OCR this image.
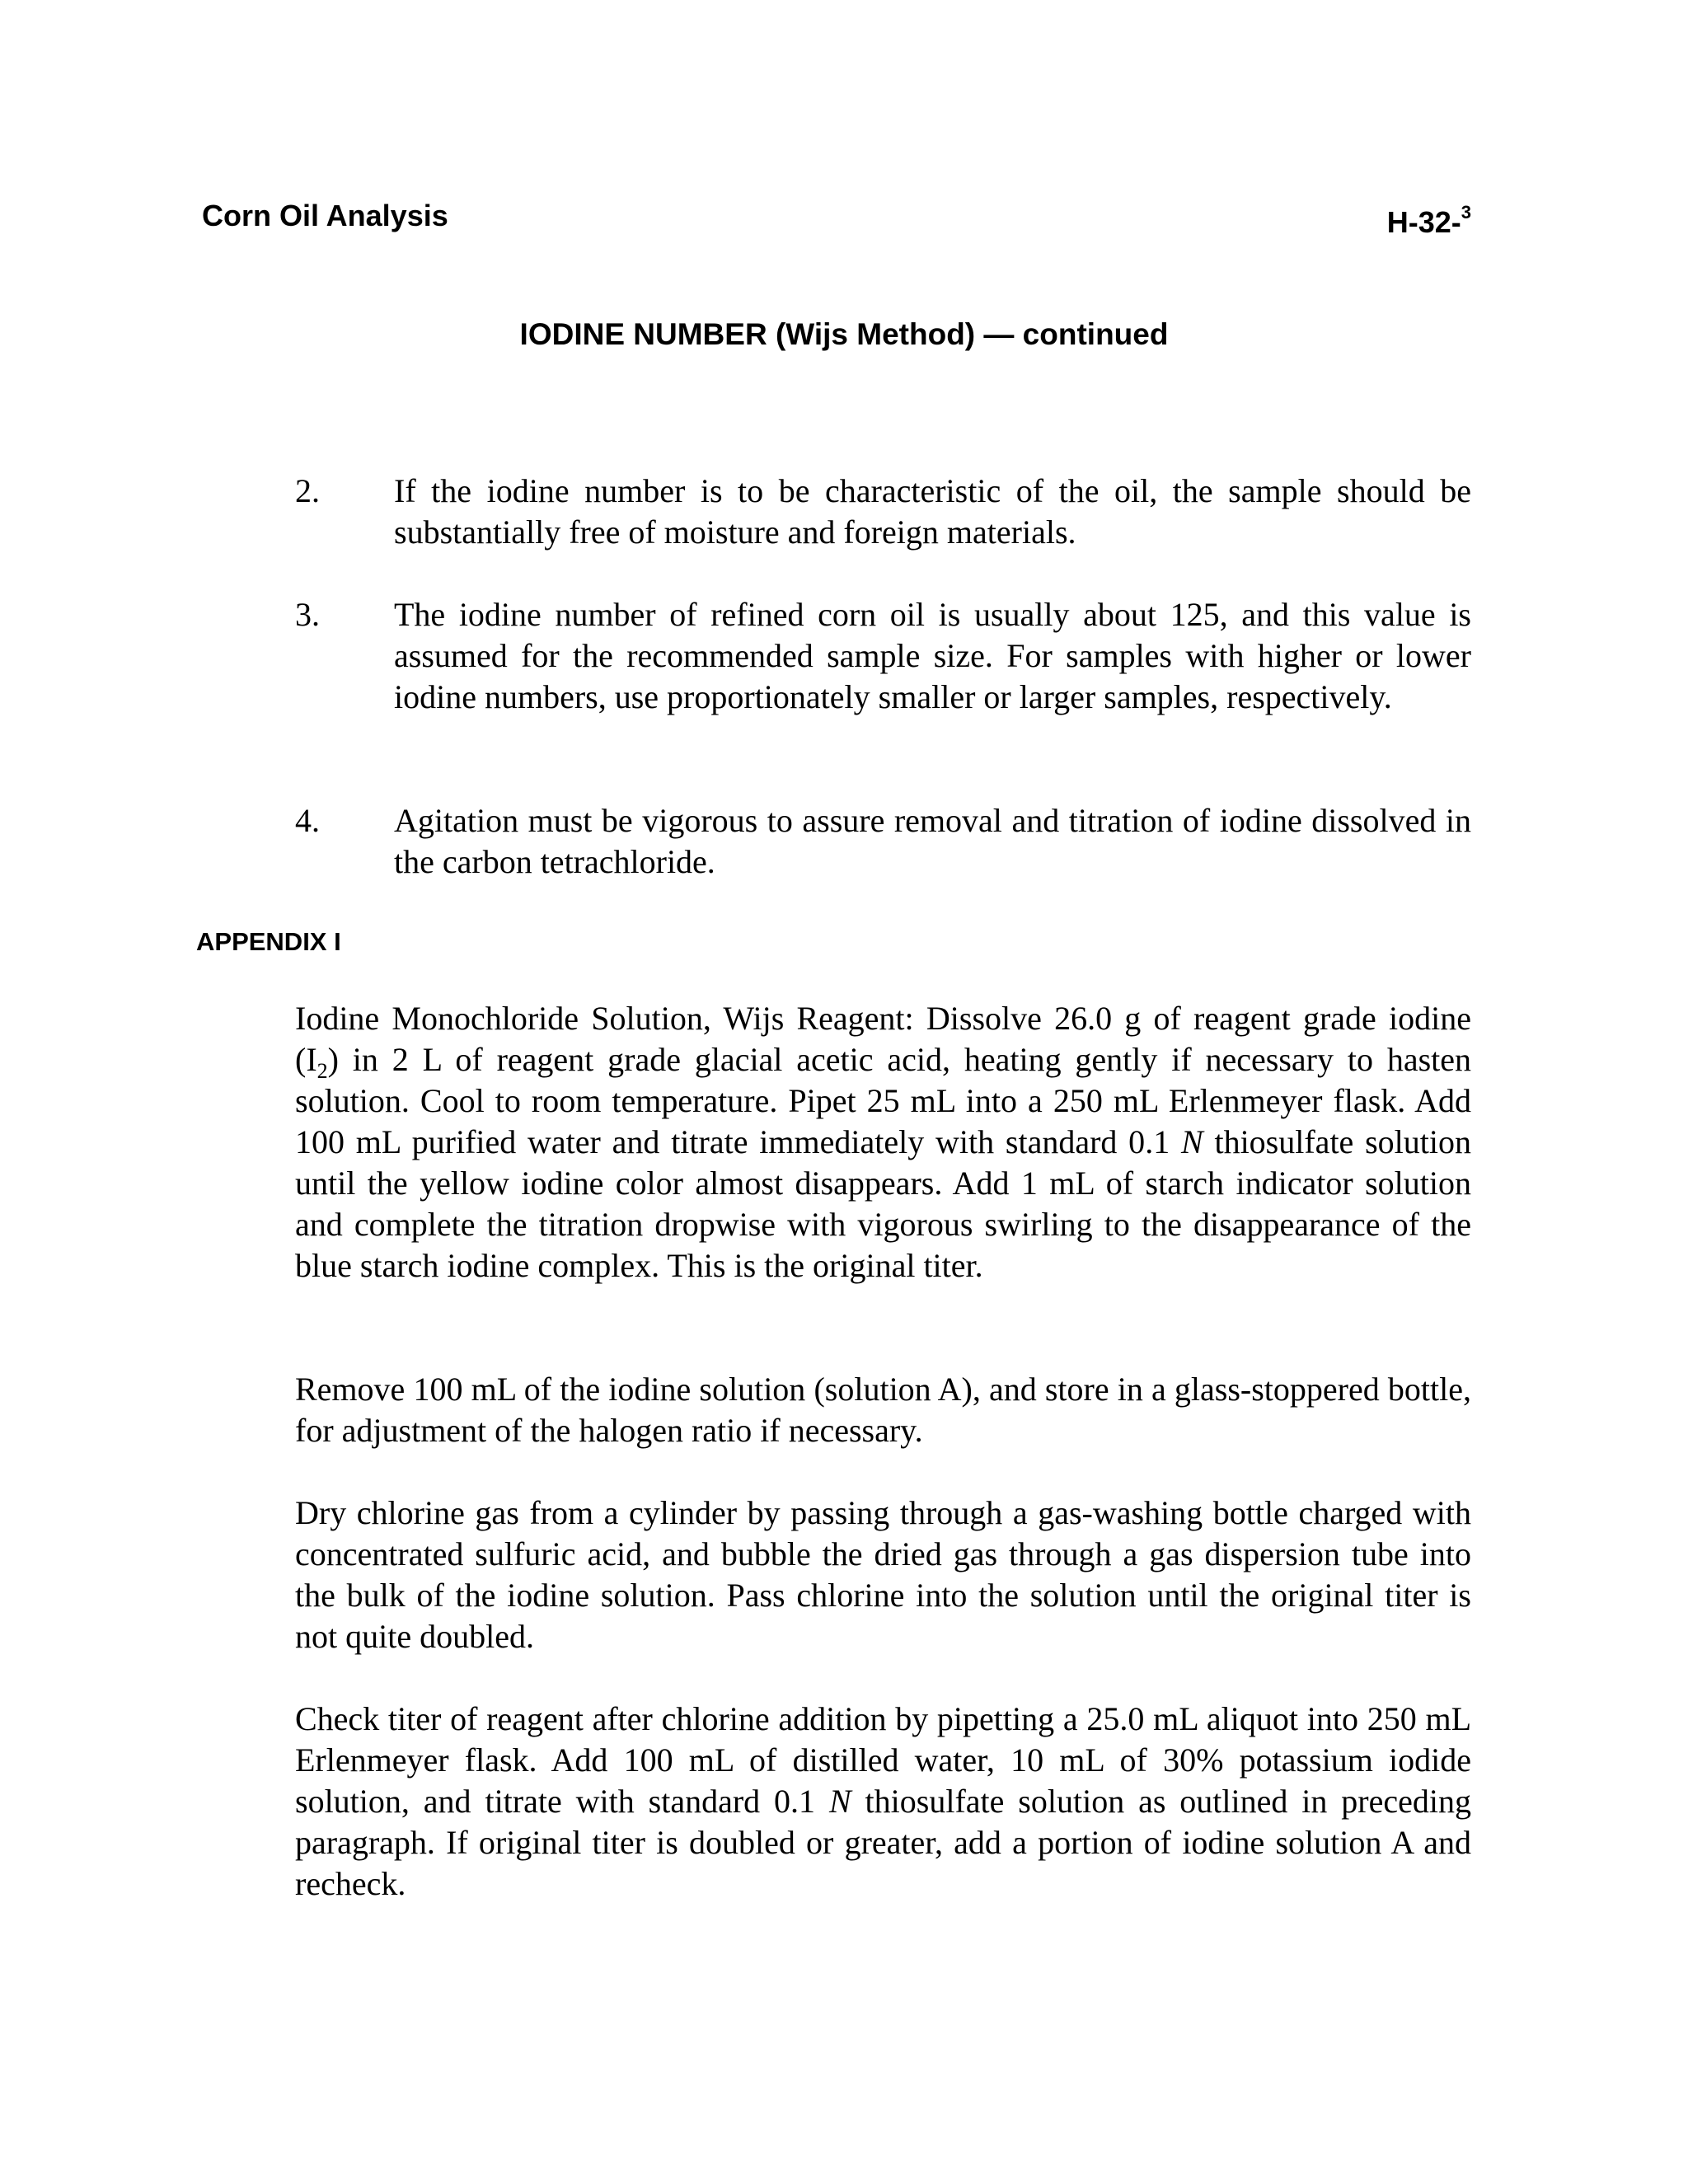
Corn Oil Analysis	H-32-$^3$
IODINE NUMBER (Wijs Method) — continued
2. If the iodine number is to be characteristic of the oil, the sample should be substantially free of moisture and foreign materials.
3. The iodine number of refined corn oil is usually about 125, and this value is assumed for the recommended sample size. For samples with higher or lower iodine numbers, use proportionately smaller or larger samples, respectively.
4. Agitation must be vigorous to assure removal and titration of iodine dissolved in the carbon tetrachloride.
APPENDIX I
Iodine Monochloride Solution, Wijs Reagent: Dissolve 26.0 g of reagent grade iodine $(I_2)$ in 2 L of reagent grade glacial acetic acid, heating gently if necessary to hasten solution. Cool to room temperature. Pipet 25 mL into a 250 mL Erlenmeyer flask. Add 100 mL purified water and titrate immediately with standard 0.1 N thiosulfate solution until the yellow iodine color almost disappears. Add 1 mL of starch indicator solution and complete the titration dropwise with vigorous swirling to the disappearance of the blue starch iodine complex. This is the original titer.
Remove 100 mL of the iodine solution (solution A), and store in a glass-stoppered bottle, for adjustment of the halogen ratio if necessary.
Dry chlorine gas from a cylinder by passing through a gas-washing bottle charged with concentrated sulfuric acid, and bubble the dried gas through a gas dispersion tube into the bulk of the iodine solution. Pass chlorine into the solution until the original titer is not quite doubled.
Check titer of reagent after chlorine addition by pipetting a 25.0 mL aliquot into 250 mL Erlenmeyer flask. Add 100 mL of distilled water, 10 mL of 30% potassium iodide solution, and titrate with standard 0.1 N thiosulfate solution as outlined in preceding paragraph. If original titer is doubled or greater, add a portion of iodine solution A and recheck.
